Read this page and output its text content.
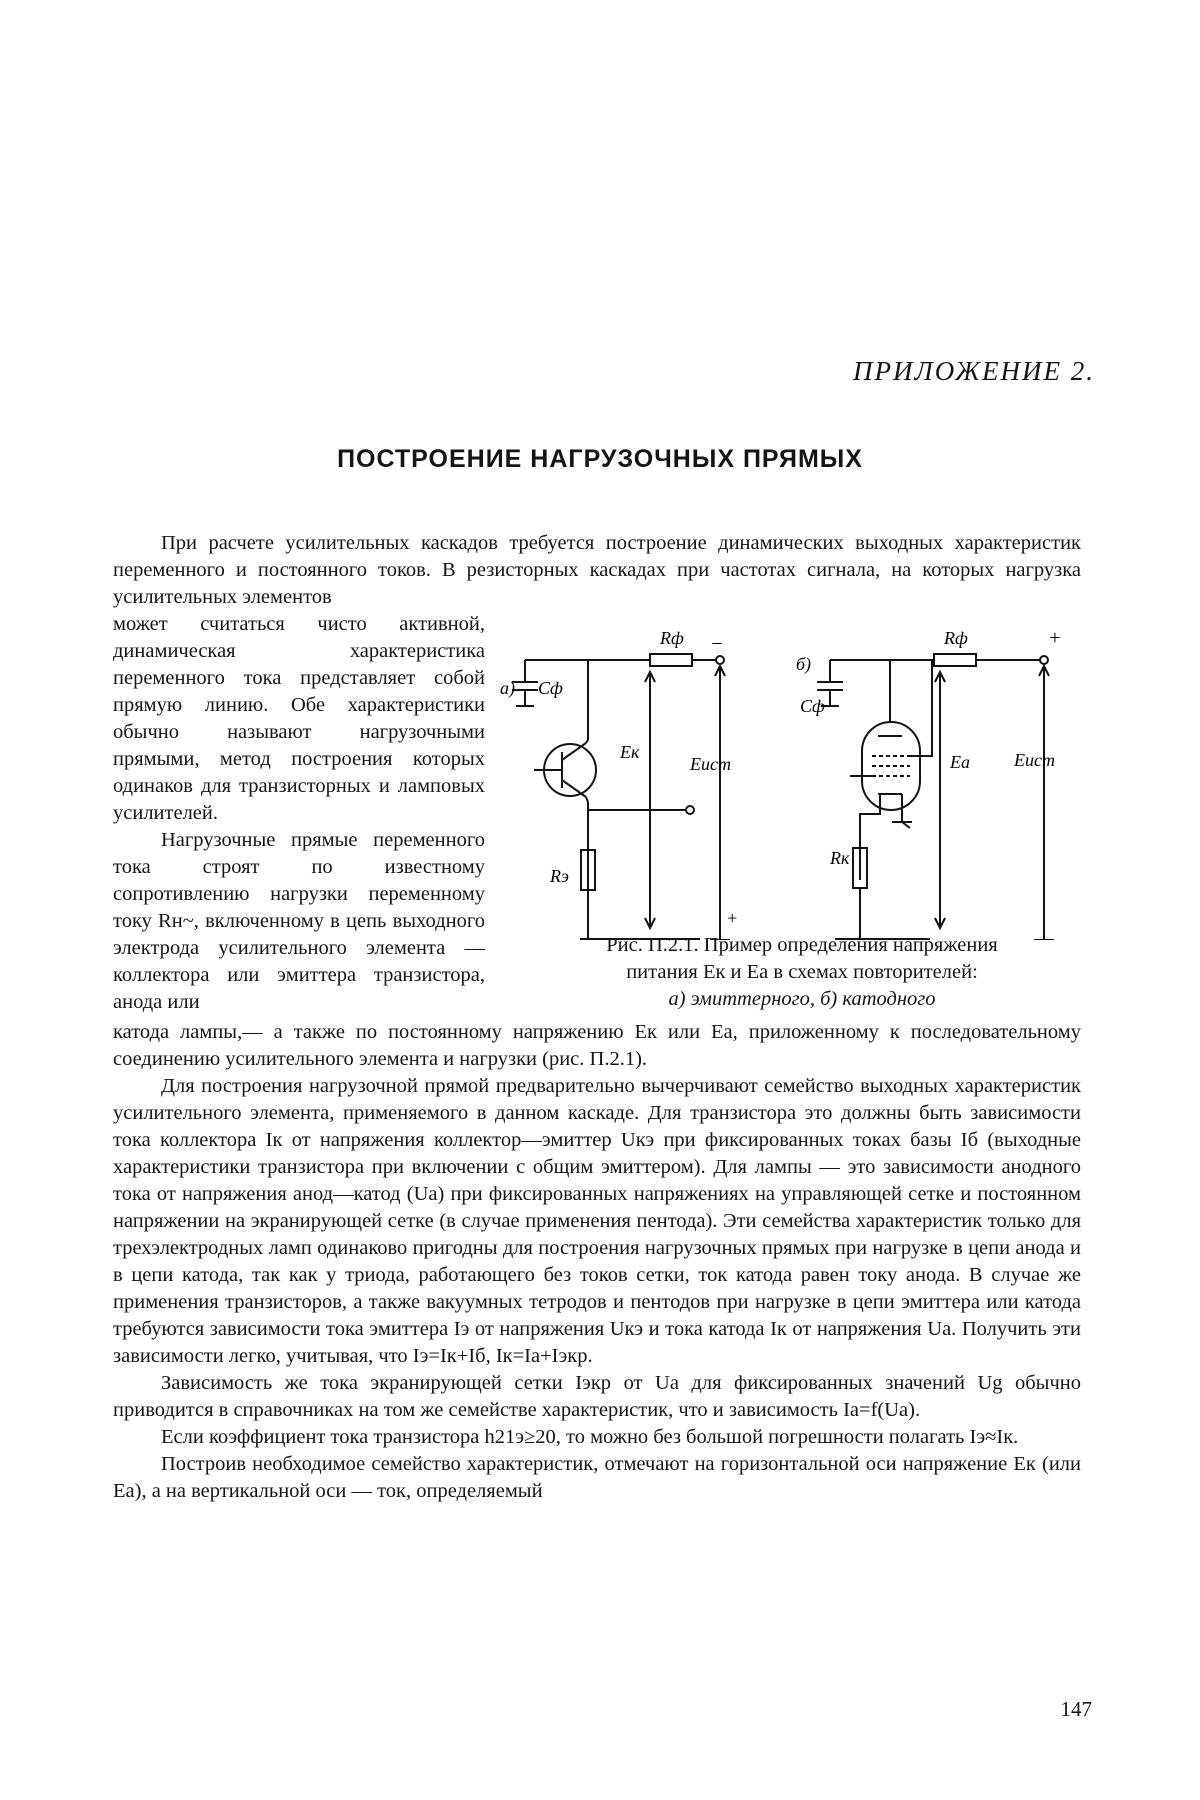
ПРИЛОЖЕНИЕ 2.
ПОСТРОЕНИЕ НАГРУЗОЧНЫХ ПРЯМЫХ

При расчете усилительных каскадов требуется построение динамических выходных характеристик переменного и постоянного токов. В резисторных каскадах при частотах сигнала, на которых нагрузка усилительных элементов

может считаться чисто активной, динамическая характеристика переменного тока представляет собой прямую линию. Обе характеристики обычно называют нагрузочными прямыми, метод построения которых одинаков для транзисторных и ламповых усилителей.

Нагрузочные прямые переменного тока строят по известному сопротивлению нагрузки переменному току Rн~, включенному в цепь выходного электрода усилительного элемента — коллектора или эмиттера транзистора, анода или

а)
Rф −
Cф
Eк
Eист
Rэ
+
б)
Rф	+
Cф
Eа Eист
Rк
Рис. П.2.1. Пример определения напряжения
питания Eк и Eа в схемах повторителей:
а) эмиттерного, б) катодного

катода лампы,— а также по постоянному напряжению Eк или Eа, приложенному к последовательному соединению усилительного элемента и нагрузки (рис. П.2.1).

Для построения нагрузочной прямой предварительно вычерчивают семейство выходных характеристик усилительного элемента, применяемого в данном каскаде. Для транзистора это должны быть зависимости тока коллектора Iк от напряжения коллектор—эмиттер Uкэ при фиксированных токах базы Iб (выходные характеристики транзистора при включении с общим эмиттером). Для лампы — это зависимости анодного тока от напряжения анод—катод (Uа) при фиксированных напряжениях на управляющей сетке и постоянном напряжении на экранирующей сетке (в случае применения пентода). Эти семейства характеристик только для трехэлектродных ламп одинаково пригодны для построения нагрузочных прямых при нагрузке в цепи анода и в цепи катода, так как у триода, работающего без токов сетки, ток катода равен току анода. В случае же применения транзисторов, а также вакуумных тетродов и пентодов при нагрузке в цепи эмиттера или катода требуются зависимости тока эмиттера Iэ от напряжения Uкэ и тока катода Iк от напряжения Uа. Получить эти зависимости легко, учитывая, что Iэ=Iк+Iб, Iк=Iа+Iэкр.

Зависимость же тока экранирующей сетки Iэкр от Uа для фиксированных значений Ug обычно приводится в справочниках на том же семействе характеристик, что и зависимость Iа=f(Uа).

Если коэффициент тока транзистора h21э≥20, то можно без большой погрешности полагать Iэ≈Iк.

Построив необходимое семейство характеристик, отмечают на горизонтальной оси напряжение Eк (или Eа), а на вертикальной оси — ток, определяемый

147
